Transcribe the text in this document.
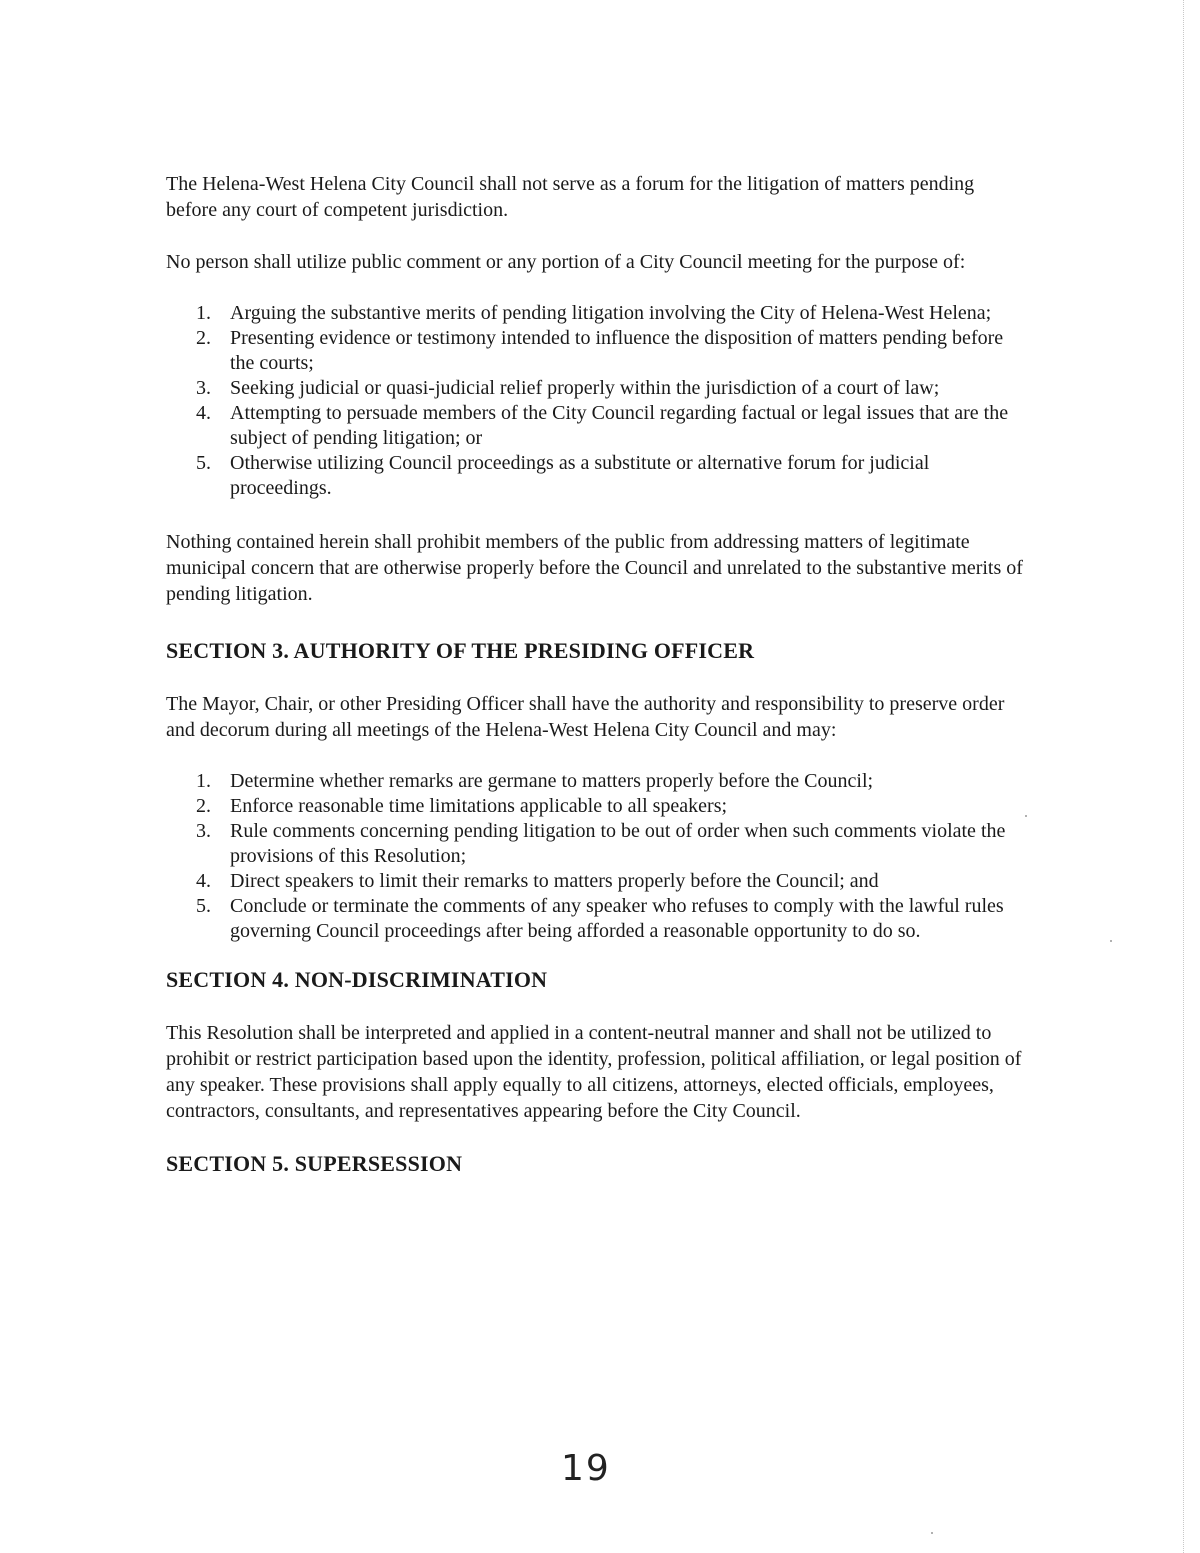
The Helena-West Helena City Council shall not serve as a forum for the litigation of matters pending before any court of competent jurisdiction.

No person shall utilize public comment or any portion of a City Council meeting for the purpose of:

1. Arguing the substantive merits of pending litigation involving the City of Helena-West Helena;
2. Presenting evidence or testimony intended to influence the disposition of matters pending before the courts;
3. Seeking judicial or quasi-judicial relief properly within the jurisdiction of a court of law;
4. Attempting to persuade members of the City Council regarding factual or legal issues that are the subject of pending litigation; or
5. Otherwise utilizing Council proceedings as a substitute or alternative forum for judicial proceedings.

Nothing contained herein shall prohibit members of the public from addressing matters of legitimate municipal concern that are otherwise properly before the Council and unrelated to the substantive merits of pending litigation.

SECTION 3. AUTHORITY OF THE PRESIDING OFFICER

The Mayor, Chair, or other Presiding Officer shall have the authority and responsibility to preserve order and decorum during all meetings of the Helena-West Helena City Council and may:

1. Determine whether remarks are germane to matters properly before the Council;
2. Enforce reasonable time limitations applicable to all speakers;
3. Rule comments concerning pending litigation to be out of order when such comments violate the provisions of this Resolution;
4. Direct speakers to limit their remarks to matters properly before the Council; and
5. Conclude or terminate the comments of any speaker who refuses to comply with the lawful rules governing Council proceedings after being afforded a reasonable opportunity to do so.
SECTION 4. NON-DISCRIMINATION

This Resolution shall be interpreted and applied in a content-neutral manner and shall not be utilized to prohibit or restrict participation based upon the identity, profession, political affiliation, or legal position of any speaker. These provisions shall apply equally to all citizens, attorneys, elected officials, employees, contractors, consultants, and representatives appearing before the City Council.

SECTION 5. SUPERSESSION
19
